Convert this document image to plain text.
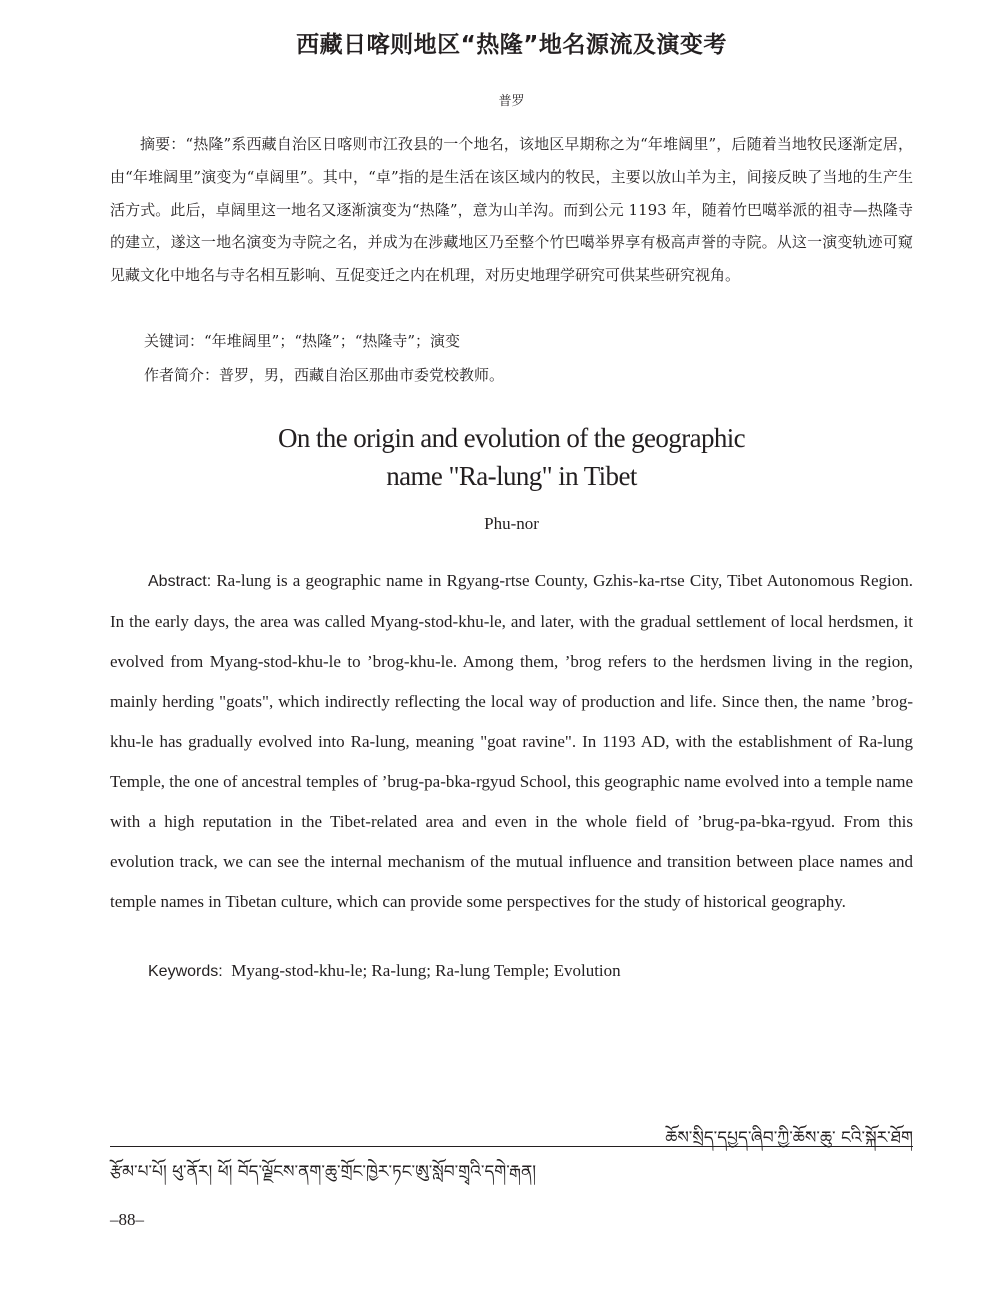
西藏日喀则地区“热隆”地名源流及演变考
普罗

摘要：“热隆”系西藏自治区日喀则市江孜县的一个地名，该地区早期称之为“年堆阔里”，后随着当地牧民逐渐定居，由“年堆阔里”演变为“卓阔里”。其中，“卓”指的是生活在该区域内的牧民，主要以放山羊为主，间接反映了当地的生产生活方式。此后，卓阔里这一地名又逐渐演变为“热隆”，意为山羊沟。而到公元 1193 年，随着竹巴噶举派的祖寺—热隆寺的建立，遂这一地名演变为寺院之名，并成为在涉藏地区乃至整个竹巴噶举界享有极高声誉的寺院。从这一演变轨迹可窥见藏文化中地名与寺名相互影响、互促变迁之内在机理，对历史地理学研究可供某些研究视角。

关键词：“年堆阔里”；“热隆”；“热隆寺”；演变
作者简介：普罗，男，西藏自治区那曲市委党校教师。
On the origin and evolution of the geographic
name "Ra-lung" in Tibet
Phu-nor

Abstract: Ra-lung is a geographic name in Rgyang-rtse County, Gzhis-ka-rtse City, Tibet Autonomous Region. In the early days, the area was called Myang-stod-khu-le, and later, with the gradual settlement of local herdsmen, it evolved from Myang-stod-khu-le to ’brog-khu-le. Among them, ’brog refers to the herdsmen living in the region, mainly herding "goats", which indirectly reflecting the local way of production and life. Since then, the name ’brog-khu-le has gradually evolved into Ra-lung, meaning "goat ravine". In 1193 AD, with the establishment of Ra-lung Temple, the one of ancestral temples of ’brug-pa-bka-rgyud School, this geographic name evolved into a temple name with a high reputation in the Tibet-related area and even in the whole field of ’brug-pa-bka-rgyud. From this evolution track, we can see the internal mechanism of the mutual influence and transition between place names and temple names in Tibetan culture, which can provide some perspectives for the study of historical geography.

Keywords: Myang-stod-khu-le; Ra-lung; Ra-lung Temple; Evolution
ཆོས་སྲིད་དཔྱད་ཞིབ་ཀྱི་ཆོས་ཆུ་ ངའི་སྐོར་ཐོག
རྩོམ་པ་པོ། ཕུ་ནོར། ཕོ། བོད་ལྗོངས་ནག་ཆུ་གྲོང་ཁྱེར་ཏང་ཨུ་སློབ་གྲྭའི་དགེ་རྒན།
–88–
